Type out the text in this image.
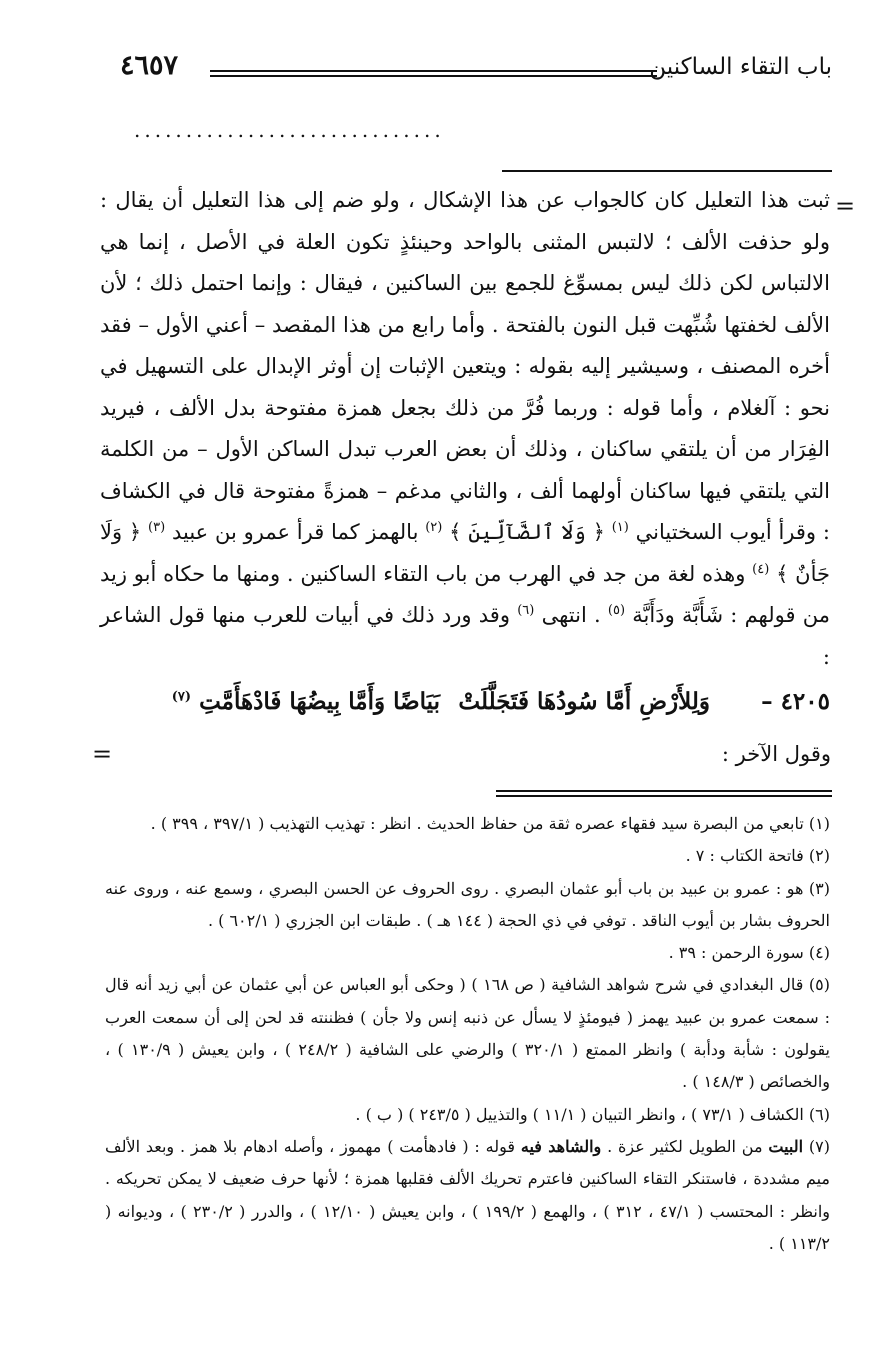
باب التقاء الساكنين
٤٦٥٧
..............................
=

ثبت هذا التعليل كان كالجواب عن هذا الإشكال ، ولو ضم إلى هذا التعليل أن يقال : ولو حذفت الألف ؛ لالتبس المثنى بالواحد وحينئذٍ تكون العلة في الأصل ، إنما هي الالتباس لكن ذلك ليس بمسوِّغ للجمع بين الساكنين ، فيقال : وإنما احتمل ذلك ؛ لأن الألف لخفتها شُبِّهت قبل النون بالفتحة . وأما رابع من هذا المقصد – أعني الأول – فقد أخره المصنف ، وسيشير إليه بقوله : ويتعين الإثبات إن أوثر الإبدال على التسهيل في نحو : آلغلام ، وأما قوله : وربما فُرَّ من ذلك بجعل همزة مفتوحة بدل الألف ، فيريد الفِرَار من أن يلتقي ساكنان ، وذلك أن بعض العرب تبدل الساكن الأول – من الكلمة التي يلتقي فيها ساكنان أولهما ألف ، والثاني مدغم – همزةً مفتوحة قال في الكشاف : وقرأ أيوب السختياني $^{(١)}$ ﴿ وَلَا ٱلضَّآلِّينَ ﴾ $^{(٢)}$ بالهمز كما قرأ عمرو بن عبيد $^{(٣)}$ ﴿ وَلَا جَأنٌ ﴾ $^{(٤)}$ وهذه لغة من جد في الهرب من باب التقاء الساكنين . ومنها ما حكاه أبو زيد من قولهم : شَأَبَّة ودَأَبَّة $^{(٥)}$ . انتهى $^{(٦)}$ وقد ورد ذلك في أبيات للعرب منها قول الشاعر :

٤٢٠٥ –
وَلِلأَرْضِ أَمَّا سُودُهَا فَتَجَلَّلَتْ
بَيَاضًا وَأَمَّا بِيضُهَا فَادْهَأَمَّتِ $^{(٧)}$
وقول الآخر :
=

(١) تابعي من البصرة سيد فقهاء عصره ثقة من حفاظ الحديث . انظر : تهذيب التهذيب ( ٣٩٧/١ ، ٣٩٩ ) .

(٢) فاتحة الكتاب : ٧ .

(٣) هو : عمرو بن عبيد بن باب أبو عثمان البصري . روى الحروف عن الحسن البصري ، وسمع عنه ، وروى عنه الحروف بشار بن أيوب الناقد . توفي في ذي الحجة ( ١٤٤ هـ ) . طبقات ابن الجزري ( ٦٠٢/١ ) .

(٤) سورة الرحمن : ٣٩ .

(٥) قال البغدادي في شرح شواهد الشافية ( ص ١٦٨ ) ( وحكى أبو العباس عن أبي عثمان عن أبي زيد أنه قال : سمعت عمرو بن عبيد يهمز ( فيومئذٍ لا يسأل عن ذنبه إنس ولا جأن ) فظننته قد لحن إلى أن سمعت العرب يقولون : شأبة ودأبة ) وانظر الممتع ( ٣٢٠/١ ) والرضي على الشافية ( ٢٤٨/٢ ) ، وابن يعيش ( ١٣٠/٩ ) ، والخصائص ( ١٤٨/٣ ) .

(٦) الكشاف ( ٧٣/١ ) ، وانظر التبيان ( ١١/١ ) والتذييل ( ٢٤٣/٥ ) ( ب ) .

(٧) البيت من الطويل لكثير عزة . والشاهد فيه قوله : ( فادهأمت ) مهموز ، وأصله ادهام بلا همز . وبعد الألف ميم مشددة ، فاستنكر التقاء الساكنين فاعترم تحريك الألف فقلبها همزة ؛ لأنها حرف ضعيف لا يمكن تحريكه . وانظر : المحتسب ( ٤٧/١ ، ٣١٢ ) ، والهمع ( ١٩٩/٢ ) ، وابن يعيش ( ١٢/١٠ ) ، والدرر ( ٢٣٠/٢ ) ، وديوانه ( ١١٣/٢ ) .
